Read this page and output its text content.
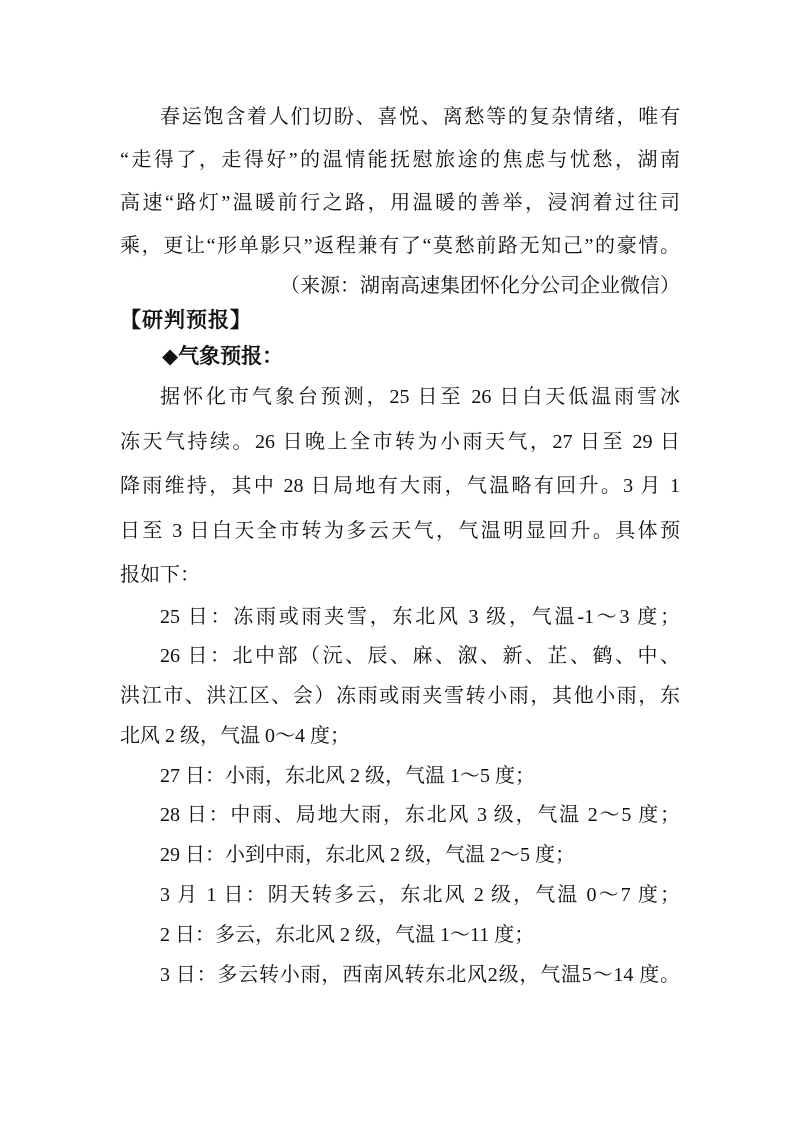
春运饱含着人们切盼、喜悦、离愁等的复杂情绪，唯有
“走得了，走得好”的温情能抚慰旅途的焦虑与忧愁，湖南
高速“路灯”温暖前行之路，用温暖的善举，浸润着过往司
乘，更让“形单影只”返程兼有了“莫愁前路无知己”的豪情。
（来源：湖南高速集团怀化分公司企业微信）
【研判预报】
◆气象预报：
据怀化市气象台预测，25 日至 26 日白天低温雨雪冰
冻天气持续。26 日晚上全市转为小雨天气，27 日至 29 日
降雨维持，其中 28 日局地有大雨，气温略有回升。3 月 1
日至 3 日白天全市转为多云天气，气温明显回升。具体预
报如下：
25 日：冻雨或雨夹雪，东北风 3 级，气温-1～3 度；
26 日：北中部（沅、辰、麻、溆、新、芷、鹤、中、
洪江市、洪江区、会）冻雨或雨夹雪转小雨，其他小雨，东
北风 2 级，气温 0～4 度；
27 日：小雨，东北风 2 级，气温 1～5 度；
28 日：中雨、局地大雨，东北风 3 级，气温 2～5 度；
29 日：小到中雨，东北风 2 级，气温 2～5 度；
3 月 1 日：阴天转多云，东北风 2 级，气温 0～7 度；
2 日：多云，东北风 2 级，气温 1～11 度；
3 日：多云转小雨，西南风转东北风2级，气温5～14 度。
